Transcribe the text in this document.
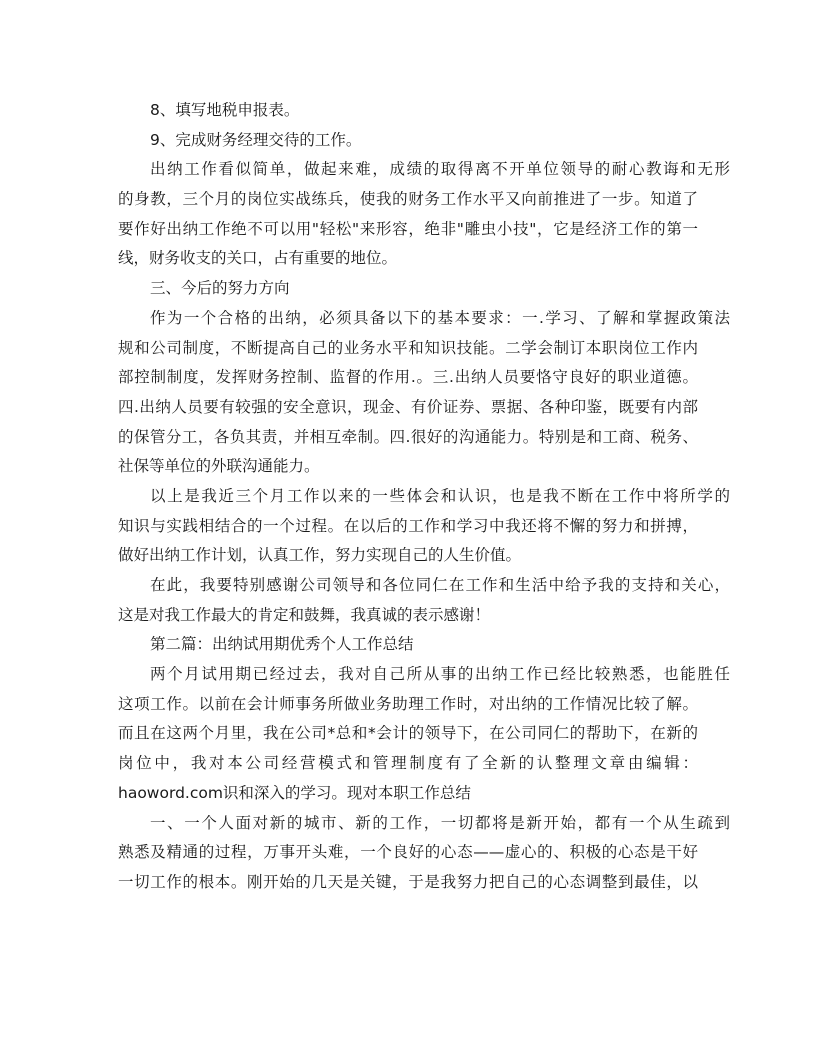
8、填写地税申报表。
9、完成财务经理交待的工作。
出纳工作看似简单，做起来难，成绩的取得离不开单位领导的耐心教诲和无形
的身教，三个月的岗位实战练兵，使我的财务工作水平又向前推进了一步。知道了
要作好出纳工作绝不可以用"轻松"来形容，绝非"雕虫小技"，它是经济工作的第一
线，财务收支的关口，占有重要的地位。
三、今后的努力方向
作为一个合格的出纳，必须具备以下的基本要求：一.学习、了解和掌握政策法
规和公司制度，不断提高自己的业务水平和知识技能。二学会制订本职岗位工作内
部控制制度，发挥财务控制、监督的作用.。三.出纳人员要恪守良好的职业道德。
四.出纳人员要有较强的安全意识，现金、有价证券、票据、各种印鉴，既要有内部
的保管分工，各负其责，并相互牵制。四.很好的沟通能力。特别是和工商、税务、
社保等单位的外联沟通能力。
以上是我近三个月工作以来的一些体会和认识，也是我不断在工作中将所学的
知识与实践相结合的一个过程。在以后的工作和学习中我还将不懈的努力和拼搏，
做好出纳工作计划，认真工作，努力实现自己的人生价值。
在此，我要特别感谢公司领导和各位同仁在工作和生活中给予我的支持和关心，
这是对我工作最大的肯定和鼓舞，我真诚的表示感谢！
第二篇：出纳试用期优秀个人工作总结
两个月试用期已经过去，我对自己所从事的出纳工作已经比较熟悉，也能胜任
这项工作。以前在会计师事务所做业务助理工作时，对出纳的工作情况比较了解。
而且在这两个月里，我在公司*总和*会计的领导下，在公司同仁的帮助下，在新的
岗位中，我对本公司经营模式和管理制度有了全新的认整理文章由编辑：
haoword.com识和深入的学习。现对本职工作总结
一、一个人面对新的城市、新的工作，一切都将是新开始，都有一个从生疏到
熟悉及精通的过程，万事开头难，一个良好的心态——虚心的、积极的心态是干好
一切工作的根本。刚开始的几天是关键，于是我努力把自己的心态调整到最佳，以
